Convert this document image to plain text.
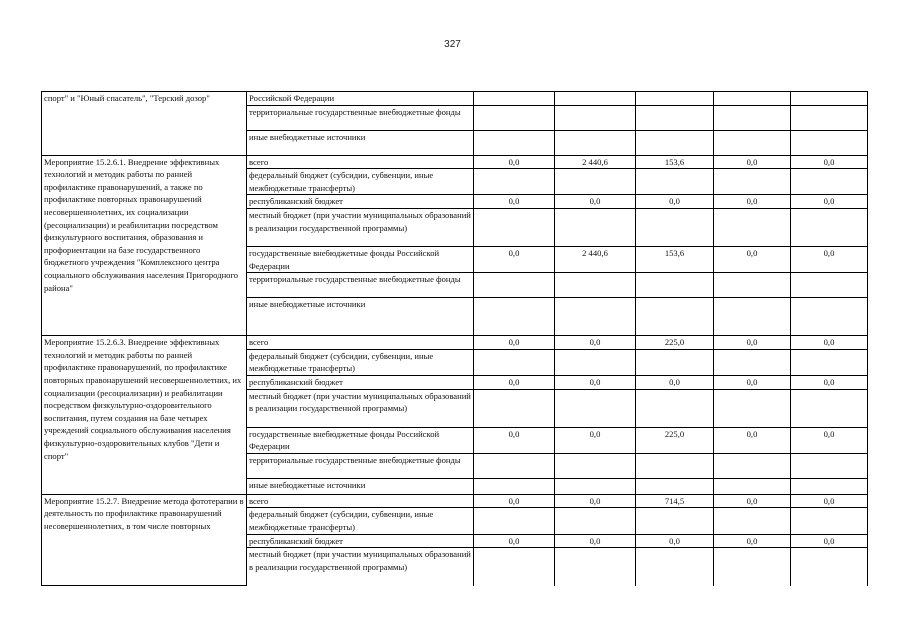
327
спорт" и "Юный спасатель", "Терский дозор"	Российской Федерации					
	территориальные государственные внебюджетные фонды					
	иные внебюджетные источники					
Мероприятие 15.2.6.1. Внедрение эффективных технологий и методик работы по ранней профилактике правонарушений, а также по профилактике повторных правонарушений несовершеннолетних, их социализации (ресоциализации) и реабилитации посредством физкультурного воспитания, образования и профориентации на базе государственного бюджетного учреждения "Комплексного центра социального обслуживания населения Пригородного района"	всего	0,0	2 440,6	153,6	0,0	0,0
	федеральный бюджет (субсидии, субвенции, иные межбюджетные трансферты)					
	республиканский бюджет	0,0	0,0	0,0	0,0	0,0
	местный бюджет (при участии муниципальных образований в реализации государственной программы)					
	государственные внебюджетные фонды Российской Федерации	0,0	2 440,6	153,6	0,0	0,0
	территориальные государственные внебюджетные фонды					
	иные внебюджетные источники					
Мероприятие 15.2.6.3. Внедрение эффективных технологий и методик работы по ранней профилактике правонарушений, по профилактике повторных правонарушений несовершеннолетних, их социализации (ресоциализации) и реабилитации посредством физкультурно-оздоровительного воспитания, путем создания на базе четырех учреждений социального обслуживания населения физкультурно-оздоровительных клубов "Дети и спорт"	всего	0,0	0,0	225,0	0,0	0,0
	федеральный бюджет (субсидии, субвенции, иные межбюджетные трансферты)					
	республиканский бюджет	0,0	0,0	0,0	0,0	0,0
	местный бюджет (при участии муниципальных образований в реализации государственной программы)					
	государственные внебюджетные фонды Российской Федерации	0,0	0,0	225,0	0,0	0,0
	территориальные государственные внебюджетные фонды					
	иные внебюджетные источники					
Мероприятие 15.2.7. Внедрение метода фототерапии в деятельность по профилактике правонарушений несовершеннолетних, в том числе повторных	всего	0,0	0,0	714,5	0,0	0,0
	федеральный бюджет (субсидии, субвенции, иные межбюджетные трансферты)					
	республиканский бюджет	0,0	0,0	0,0	0,0	0,0
	местный бюджет (при участии муниципальных образований в реализации государственной программы)					
